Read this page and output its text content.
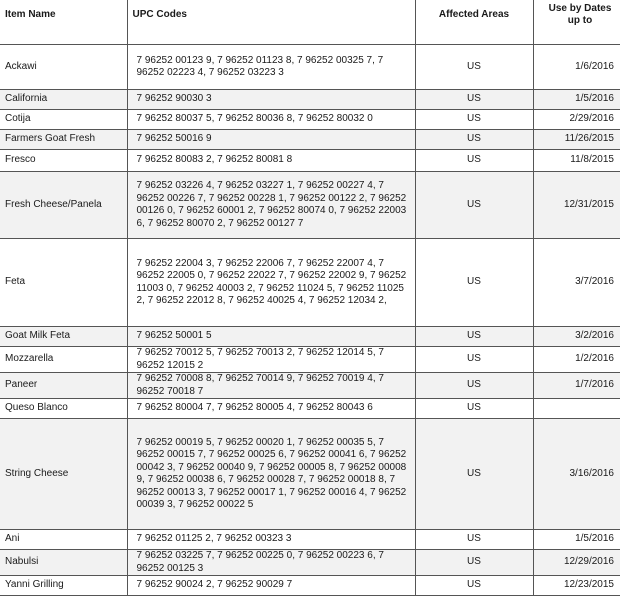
Item Name	UPC Codes	Affected Areas	Use by Dates
up to

Ackawi	7 96252 00123 9, 7 96252 01123 8, 7 96252 00325 7, 7 96252 02223 4, 7 96252 03223 3	US	1/6/2016
California	7 96252 90030 3	US	1/5/2016
Cotija	7 96252 80037 5, 7 96252 80036 8, 7 96252 80032 0	US	2/29/2016
Farmers Goat Fresh	7 96252 50016 9	US	11/26/2015
Fresco	7 96252 80083 2, 7 96252 80081 8	US	11/8/2015
Fresh Cheese/Panela	7 96252 03226 4, 7 96252 03227 1, 7 96252 00227 4, 7 96252 00226 7, 7 96252 00228 1, 7 96252 00122 2, 7 96252 00126 0, 7 96252 60001 2, 7 96252 80074 0, 7 96252 22003 6, 7 96252 80070 2, 7 96252 00127 7	US	12/31/2015
Feta	7 96252 22004 3, 7 96252 22006 7, 7 96252 22007 4, 7 96252 22005 0, 7 96252 22022 7, 7 96252 22002 9, 7 96252 11003 0, 7 96252 40003 2, 7 96252 11024 5, 7 96252 11025 2, 7 96252 22012 8, 7 96252 40025 4, 7 96252 12034 2,	US	3/7/2016
Goat Milk Feta	7 96252 50001 5	US	3/2/2016
Mozzarella	7 96252 70012 5, 7 96252 70013 2, 7 96252 12014 5, 7 96252 12015 2	US	1/2/2016
Paneer	7 96252 70008 8, 7 96252 70014 9, 7 96252 70019 4, 7 96252 70018 7	US	1/7/2016
Queso Blanco	7 96252 80004 7, 7 96252 80005 4, 7 96252 80043 6	US	
String Cheese	7 96252 00019 5, 7 96252 00020 1, 7 96252 00035 5, 7 96252 00015 7, 7 96252 00025 6, 7 96252 00041 6, 7 96252 00042 3, 7 96252 00040 9, 7 96252 00005 8, 7 96252 00008 9, 7 96252 00038 6, 7 96252 00028 7, 7 96252 00018 8, 7 96252 00013 3, 7 96252 00017 1, 7 96252 00016 4, 7 96252 00039 3, 7 96252 00022 5	US	3/16/2016
Ani	7 96252 01125 2, 7 96252 00323 3	US	1/5/2016
Nabulsi	7 96252 03225 7, 7 96252 00225 0, 7 96252 00223 6, 7 96252 00125 3	US	12/29/2016
Yanni Grilling	7 96252 90024 2, 7 96252 90029 7	US	12/23/2015
